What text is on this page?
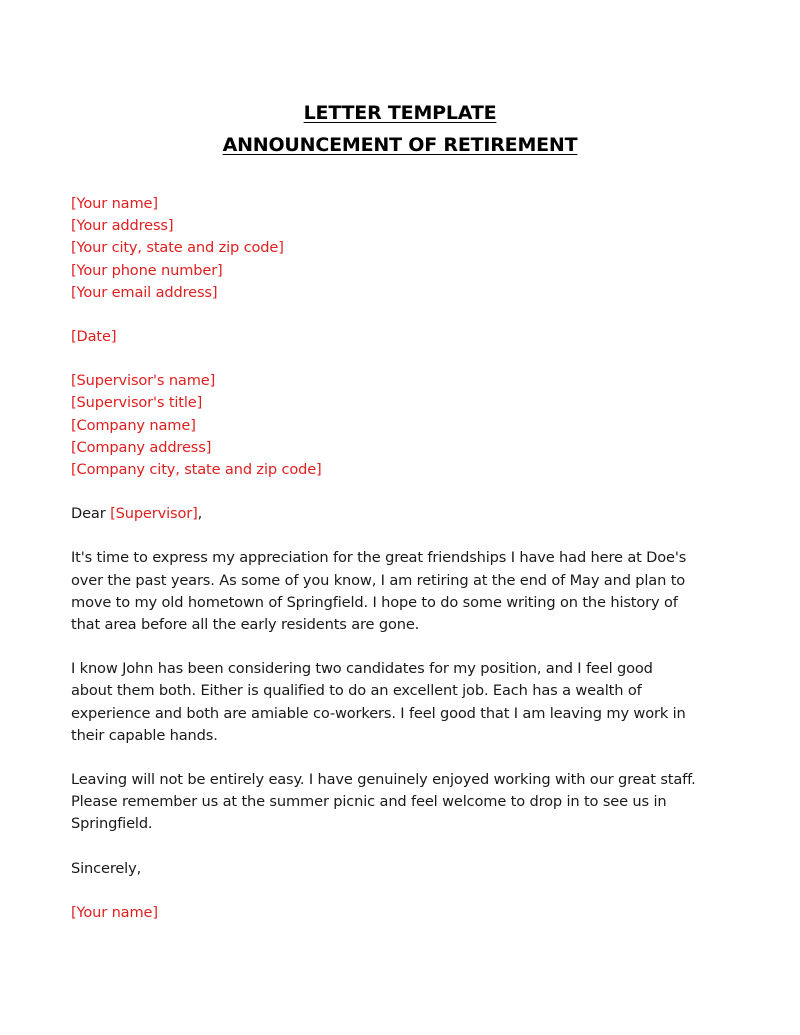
LETTER TEMPLATE
ANNOUNCEMENT OF RETIREMENT
[Your name]
[Your address]
[Your city, state and zip code]
[Your phone number]
[Your email address]
[Date]
[Supervisor's name]
[Supervisor's title]
[Company name]
[Company address]
[Company city, state and zip code]
Dear [Supervisor],
It's time to express my appreciation for the great friendships I have had here at Doe's
over the past years. As some of you know, I am retiring at the end of May and plan to
move to my old hometown of Springfield. I hope to do some writing on the history of
that area before all the early residents are gone.
I know John has been considering two candidates for my position, and I feel good
about them both. Either is qualified to do an excellent job. Each has a wealth of
experience and both are amiable co-workers. I feel good that I am leaving my work in
their capable hands.
Leaving will not be entirely easy. I have genuinely enjoyed working with our great staff.
Please remember us at the summer picnic and feel welcome to drop in to see us in
Springfield.
Sincerely,
[Your name]
